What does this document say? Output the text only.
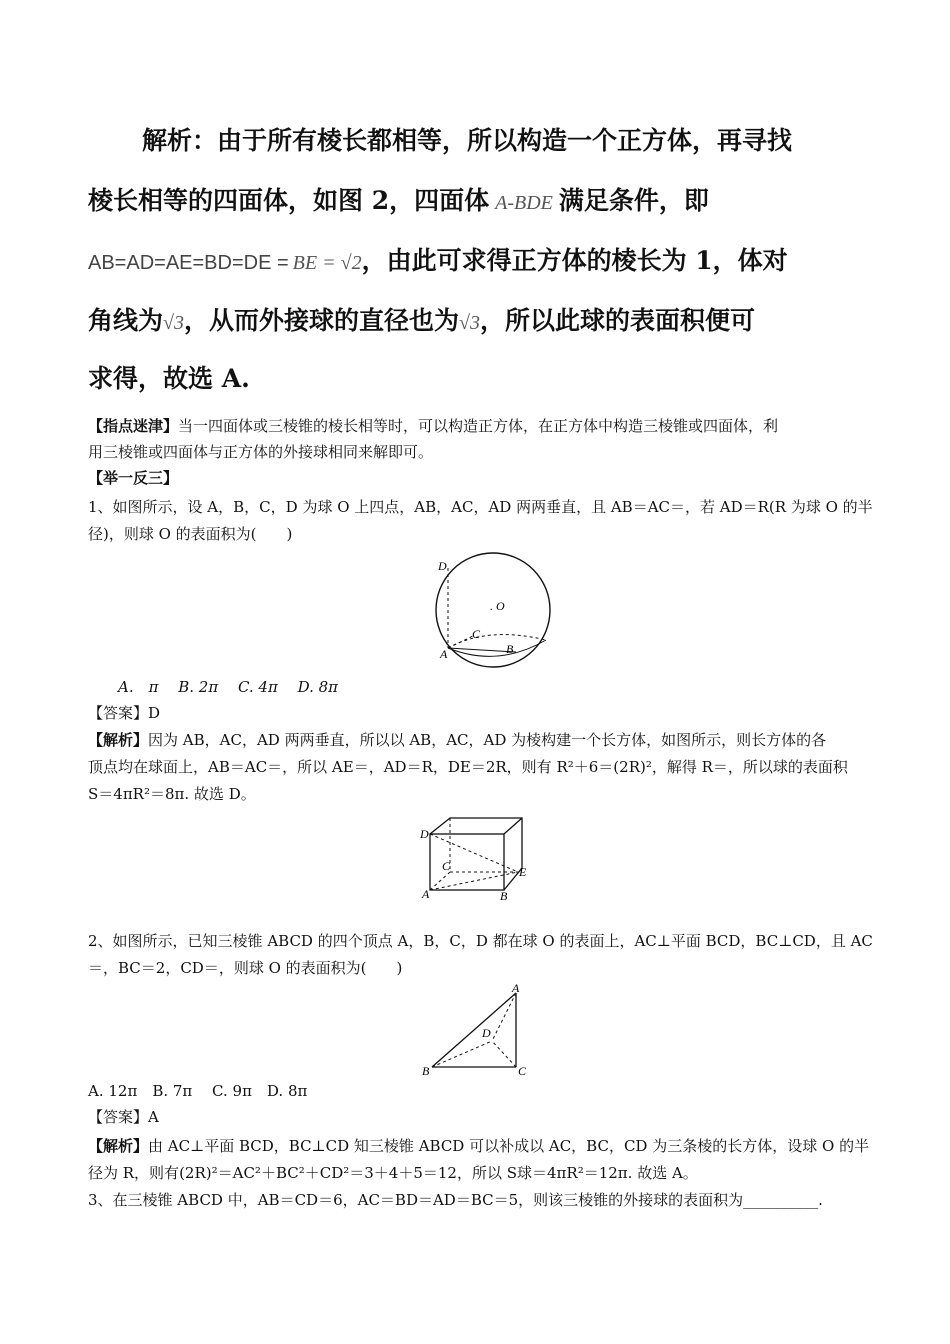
解析：由于所有棱长都相等，所以构造一个正方体，再寻找
棱长相等的四面体，如图 2，四面体 A-BDE 满足条件，即
AB=AD=AE=BD=DE = BE = √2，由此可求得正方体的棱长为 1，体对
角线为√3，从而外接球的直径也为√3，所以此球的表面积便可
求得，故选 A.
【指点迷津】当一四面体或三棱锥的棱长相等时，可以构造正方体，在正方体中构造三棱锥或四面体，利
用三棱锥或四面体与正方体的外接球相同来解即可。
【举一反三】
1、如图所示，设 A，B，C，D 为球 O 上四点，AB，AC，AD 两两垂直，且 AB＝AC＝，若 AD＝R(R 为球 O 的半
径)，则球 O 的表面积为(　　)
D
. O
C
A	B
A.　π　 B. 2π　 C. 4π　 D. 8π
【答案】D
【解析】因为 AB，AC，AD 两两垂直，所以以 AB，AC，AD 为棱构建一个长方体，如图所示，则长方体的各
顶点均在球面上，AB＝AC＝，所以 AE＝，AD＝R，DE＝2R，则有 R²＋6＝(2R)²，解得 R＝，所以球的表面积
S＝4πR²＝8π. 故选 D。
D
C	E
A	B
2、如图所示，已知三棱锥 ABCD 的四个顶点 A，B，C，D 都在球 O 的表面上，AC⊥平面 BCD，BC⊥CD，且 AC
＝，BC＝2，CD＝，则球 O 的表面积为(　　)
A
D
B	C
A. 12π　B. 7π　 C. 9π　D. 8π
【答案】A
【解析】由 AC⊥平面 BCD，BC⊥CD 知三棱锥 ABCD 可以补成以 AC，BC，CD 为三条棱的长方体，设球 O 的半
径为 R，则有(2R)²＝AC²＋BC²＋CD²＝3＋4＋5＝12，所以 S球＝4πR²＝12π. 故选 A。
3、在三棱锥 ABCD 中，AB＝CD＝6，AC＝BD＝AD＝BC＝5，则该三棱锥的外接球的表面积为__________.
